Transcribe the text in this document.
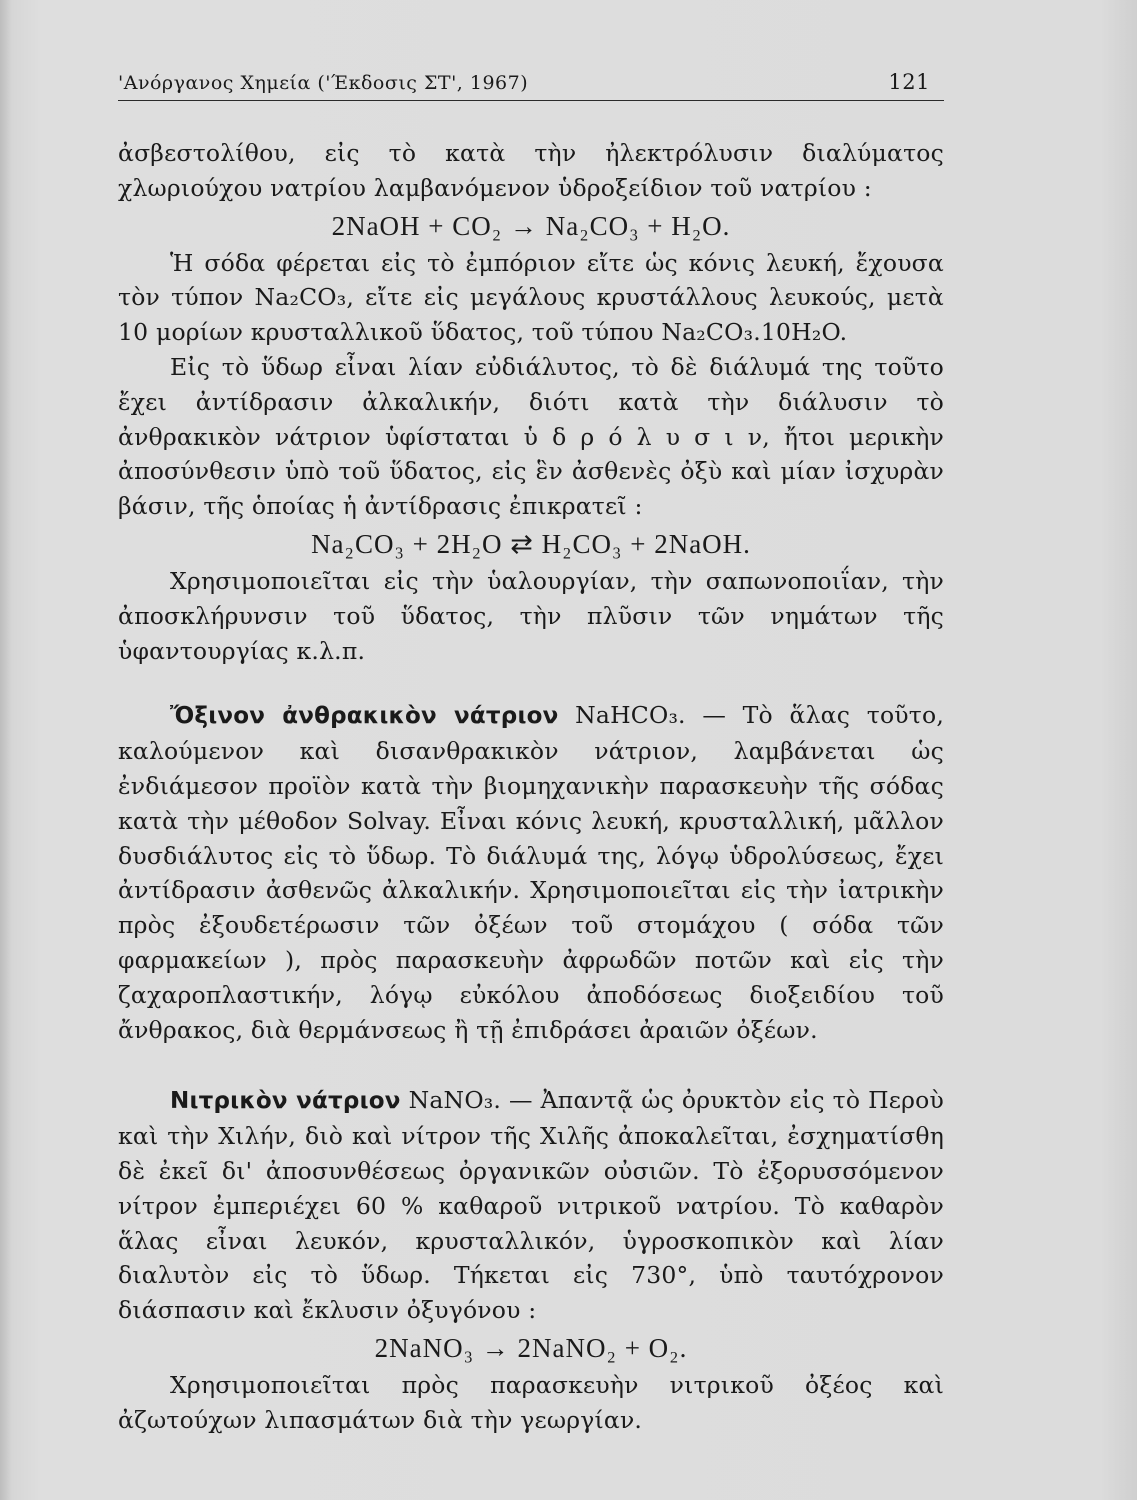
'Ανόργανος Χημεία ('Έκδοσις ΣΤ', 1967)	121

ἀσβεστολίθου, εἰς τὸ κατὰ τὴν ἠλεκτρόλυσιν διαλύματος χλωριούχου νατρίου λαμβανόμενον ὑδροξείδιον τοῦ νατρίου :

2NaOH + CO₂ → Na₂CO₃ + H₂O.

Ἡ σόδα φέρεται εἰς τὸ ἐμπόριον εἴτε ὡς κόνις λευκή, ἔχουσα τὸν τύπον Na₂CO₃, εἴτε εἰς μεγάλους κρυστάλλους λευκούς, μετὰ 10 μορίων κρυσταλλικοῦ ὕδατος, τοῦ τύπου Na₂CO₃.10H₂O.

Εἰς τὸ ὕδωρ εἶναι λίαν εὐδιάλυτος, τὸ δὲ διάλυμά της τοῦτο ἔχει ἀντίδρασιν ἀλκαλικήν, διότι κατὰ τὴν διάλυσιν τὸ ἀνθρακικὸν νάτριον ὑφίσταται ὑ δ ρ ό λ υ σ ι ν, ἤτοι μερικὴν ἀποσύνθεσιν ὑπὸ τοῦ ὕδατος, εἰς ἓν ἀσθενὲς ὀξὺ καὶ μίαν ἰσχυρὰν βάσιν, τῆς ὁποίας ἡ ἀντίδρασις ἐπικρατεῖ :

Na₂CO₃ + 2H₂O ⇄ H₂CO₃ + 2NaOH.

Χρησιμοποιεῖται εἰς τὴν ὑαλουργίαν, τὴν σαπωνοποιΐαν, τὴν ἀποσκλήρυνσιν τοῦ ὕδατος, τὴν πλῦσιν τῶν νημάτων τῆς ὑφαντουργίας κ.λ.π.

Ὄξινον ἀνθρακικὸν νάτριον NaHCO₃. — Τὸ ἅλας τοῦτο, καλούμενον καὶ δισανθρακικὸν νάτριον, λαμβάνεται ὡς ἐνδιάμεσον προϊὸν κατὰ τὴν βιομηχανικὴν παρασκευὴν τῆς σόδας κατὰ τὴν μέθοδον Solvay. Εἶναι κόνις λευκή, κρυσταλλική, μᾶλλον δυσδιάλυτος εἰς τὸ ὕδωρ. Τὸ διάλυμά της, λόγῳ ὑδρολύσεως, ἔχει ἀντίδρασιν ἀσθενῶς ἀλκαλικήν. Χρησιμοποιεῖται εἰς τὴν ἰατρικὴν πρὸς ἐξουδετέρωσιν τῶν ὀξέων τοῦ στομάχου ( σόδα τῶν φαρμακείων ), πρὸς παρασκευὴν ἀφρωδῶν ποτῶν καὶ εἰς τὴν ζαχαροπλαστικήν, λόγῳ εὐκόλου ἀποδόσεως διοξειδίου τοῦ ἄνθρακος, διὰ θερμάνσεως ἢ τῇ ἐπιδράσει ἀραιῶν ὀξέων.

Νιτρικὸν νάτριον NaNO₃. — Ἀπαντᾷ ὡς ὀρυκτὸν εἰς τὸ Περοὺ καὶ τὴν Χιλήν, διὸ καὶ νίτρον τῆς Χιλῆς ἀποκαλεῖται, ἐσχηματίσθη δὲ ἐκεῖ δι' ἀποσυνθέσεως ὀργανικῶν οὐσιῶν. Τὸ ἐξορυσσόμενον νίτρον ἐμπεριέχει 60 % καθαροῦ νιτρικοῦ νατρίου. Τὸ καθαρὸν ἅλας εἶναι λευκόν, κρυσταλλικόν, ὑγροσκοπικὸν καὶ λίαν διαλυτὸν εἰς τὸ ὕδωρ. Τήκεται εἰς 730°, ὑπὸ ταυτόχρονον διάσπασιν καὶ ἔκλυσιν ὀξυγόνου :

2NaNO₃ → 2NaNO₂ + O₂.

Χρησιμοποιεῖται πρὸς παρασκευὴν νιτρικοῦ ὀξέος καὶ ἀζωτούχων λιπασμάτων διὰ τὴν γεωργίαν.
